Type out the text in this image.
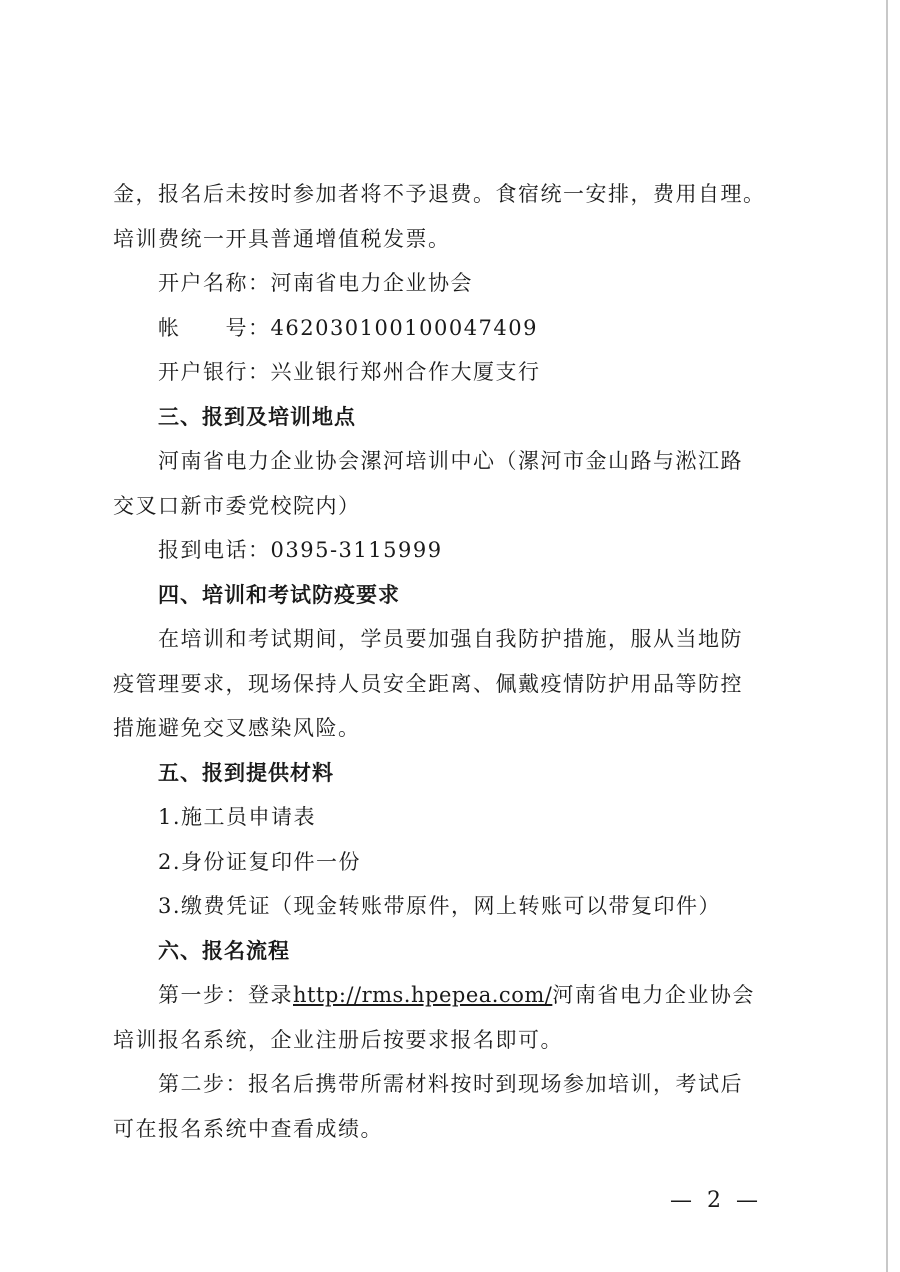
金，报名后未按时参加者将不予退费。食宿统一安排，费用自理。

培训费统一开具普通增值税发票。

开户名称：河南省电力企业协会

帐　　号：46203010010004​7409

开户银行：兴业银行郑州合作大厦支行

三、报到及培训地点

河南省电力企业协会漯河培训中心（漯河市金山路与淞江路

交叉口新市委党校院内）

报到电话：0395-3115999

四、培训和考试防疫要求

在培训和考试期间，学员要加强自我防护措施，服从当地防

疫管理要求，现场保持人员安全距离、佩戴疫情防护用品等防控

措施避免交叉感染风险。

五、报到提供材料

1.施工员申请表

2.身份证复印件一份

3.缴费凭证（现金转账带原件，网上转账可以带复印件）

六、报名流程

第一步：登录http://rms.hpepea.com/河南省电力企业协会

培训报名系统，企业注册后按要求报名即可。

第二步：报名后携带所需材料按时到现场参加培训，考试后

可在报名系统中查看成绩。

— 2 —
